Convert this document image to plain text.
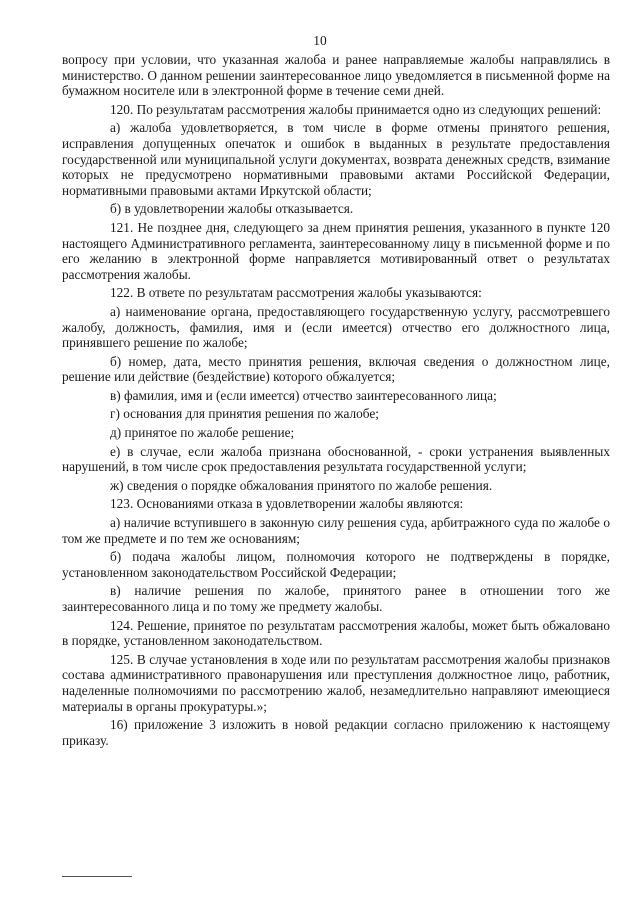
10

вопросу при условии, что указанная жалоба и ранее направляемые жалобы направлялись в министерство. О данном решении заинтересованное лицо уведомляется в письменной форме на бумажном носителе или в электронной форме в течение семи дней.

120. По результатам рассмотрения жалобы принимается одно из следующих решений:

а) жалоба удовлетворяется, в том числе в форме отмены принятого решения, исправления допущенных опечаток и ошибок в выданных в результате предоставления государственной или муниципальной услуги документах, возврата денежных средств, взимание которых не предусмотрено нормативными правовыми актами Российской Федерации, нормативными правовыми актами Иркутской области;

б) в удовлетворении жалобы отказывается.

121. Не позднее дня, следующего за днем принятия решения, указанного в пункте 120 настоящего Административного регламента, заинтересованному лицу в письменной форме и по его желанию в электронной форме направляется мотивированный ответ о результатах рассмотрения жалобы.

122. В ответе по результатам рассмотрения жалобы указываются:

а) наименование органа, предоставляющего государственную услугу, рассмотревшего жалобу, должность, фамилия, имя и (если имеется) отчество его должностного лица, принявшего решение по жалобе;

б) номер, дата, место принятия решения, включая сведения о должностном лице, решение или действие (бездействие) которого обжалуется;

в) фамилия, имя и (если имеется) отчество заинтересованного лица;

г) основания для принятия решения по жалобе;

д) принятое по жалобе решение;

е) в случае, если жалоба признана обоснованной, - сроки устранения выявленных нарушений, в том числе срок предоставления результата государственной услуги;

ж) сведения о порядке обжалования принятого по жалобе решения.

123. Основаниями отказа в удовлетворении жалобы являются:

а) наличие вступившего в законную силу решения суда, арбитражного суда по жалобе о том же предмете и по тем же основаниям;

б) подача жалобы лицом, полномочия которого не подтверждены в порядке, установленном законодательством Российской Федерации;

в) наличие решения по жалобе, принятого ранее в отношении того же заинтересованного лица и по тому же предмету жалобы.

124. Решение, принятое по результатам рассмотрения жалобы, может быть обжаловано в порядке, установленном законодательством.

125. В случае установления в ходе или по результатам рассмотрения жалобы признаков состава административного правонарушения или преступления должностное лицо, работник, наделенные полномочиями по рассмотрению жалоб, незамедлительно направляют имеющиеся материалы в органы прокуратуры.»;

16) приложение 3 изложить в новой редакции согласно приложению к настоящему приказу.
